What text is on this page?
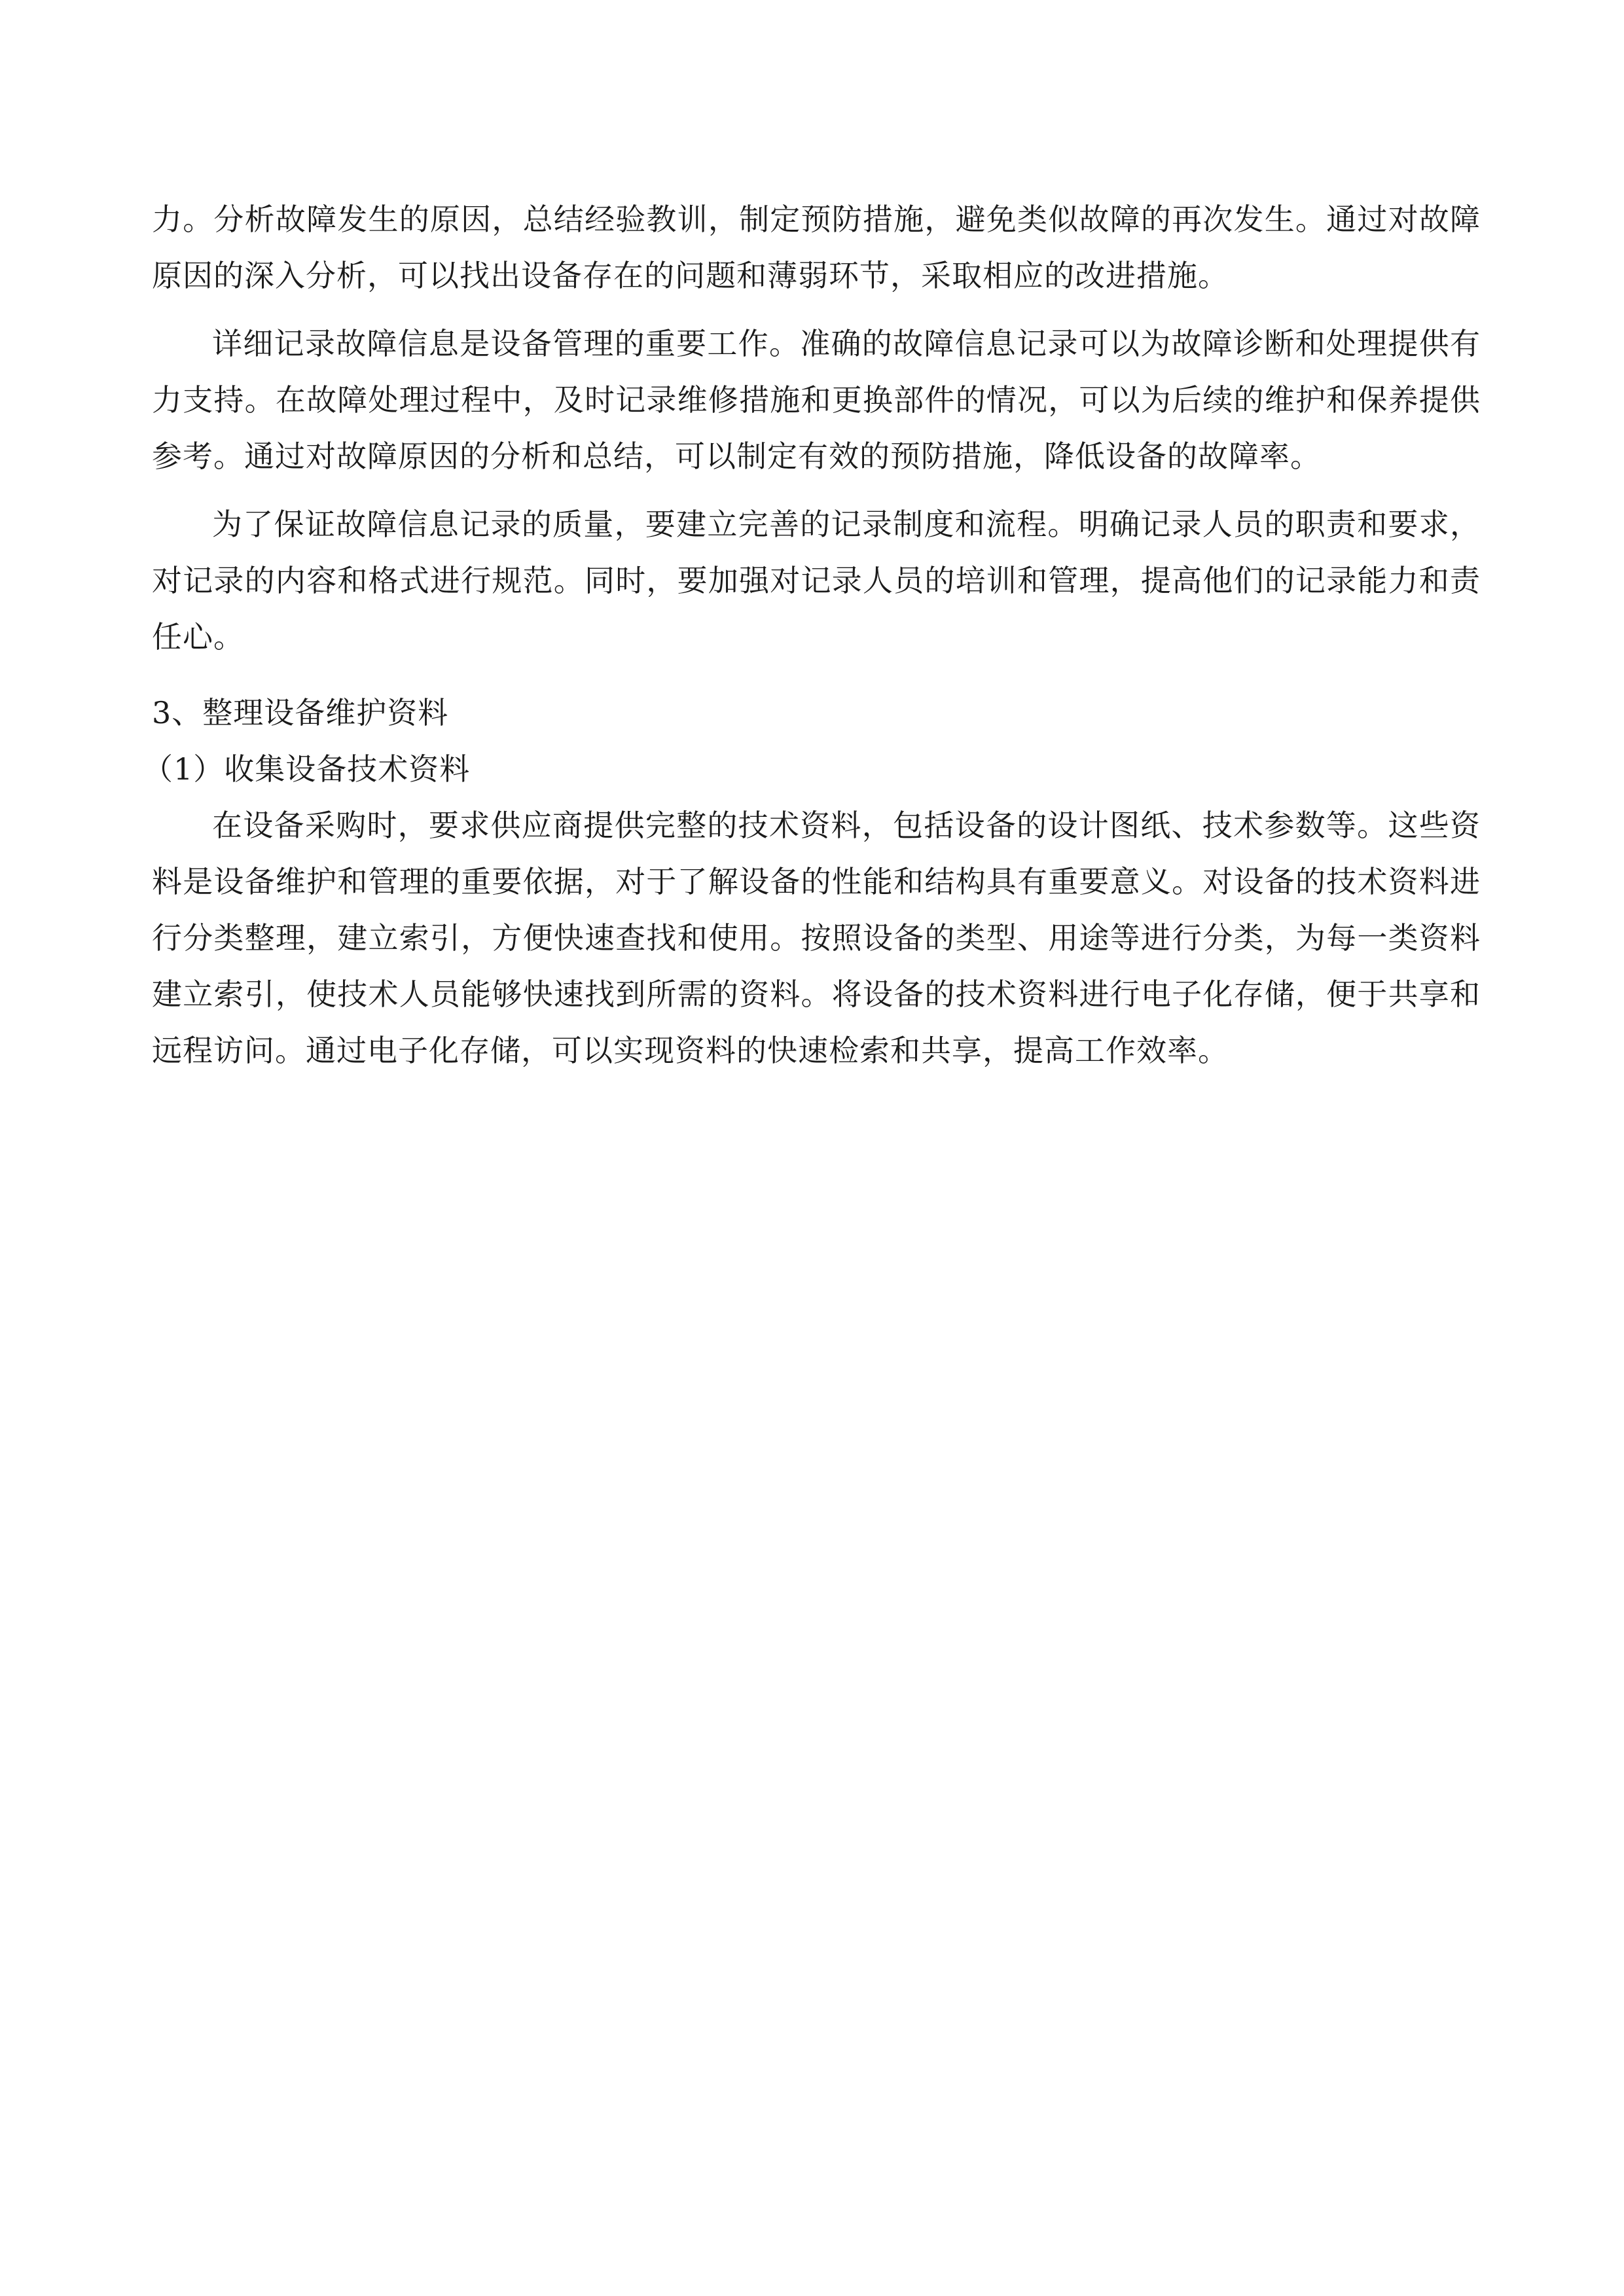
力。分析故障发生的原因，总结经验教训，制定预防措施，避免类似故障的再次发生。通过对故障原因的深入分析，可以找出设备存在的问题和薄弱环节，采取相应的改进措施。

详细记录故障信息是设备管理的重要工作。准确的故障信息记录可以为故障诊断和处理提供有力支持。在故障处理过程中，及时记录维修措施和更换部件的情况，可以为后续的维护和保养提供参考。通过对故障原因的分析和总结，可以制定有效的预防措施，降低设备的故障率。

为了保证故障信息记录的质量，要建立完善的记录制度和流程。明确记录人员的职责和要求，对记录的内容和格式进行规范。同时，要加强对记录人员的培训和管理，提高他们的记录能力和责任心。

3、整理设备维护资料
（1）收集设备技术资料

在设备采购时，要求供应商提供完整的技术资料，包括设备的设计图纸、技术参数等。这些资料是设备维护和管理的重要依据，对于了解设备的性能和结构具有重要意义。对设备的技术资料进行分类整理，建立索引，方便快速查找和使用。按照设备的类型、用途等进行分类，为每一类资料建立索引，使技术人员能够快速找到所需的资料。将设备的技术资料进行电子化存储，便于共享和远程访问。通过电子化存储，可以实现资料的快速检索和共享，提高工作效率。
